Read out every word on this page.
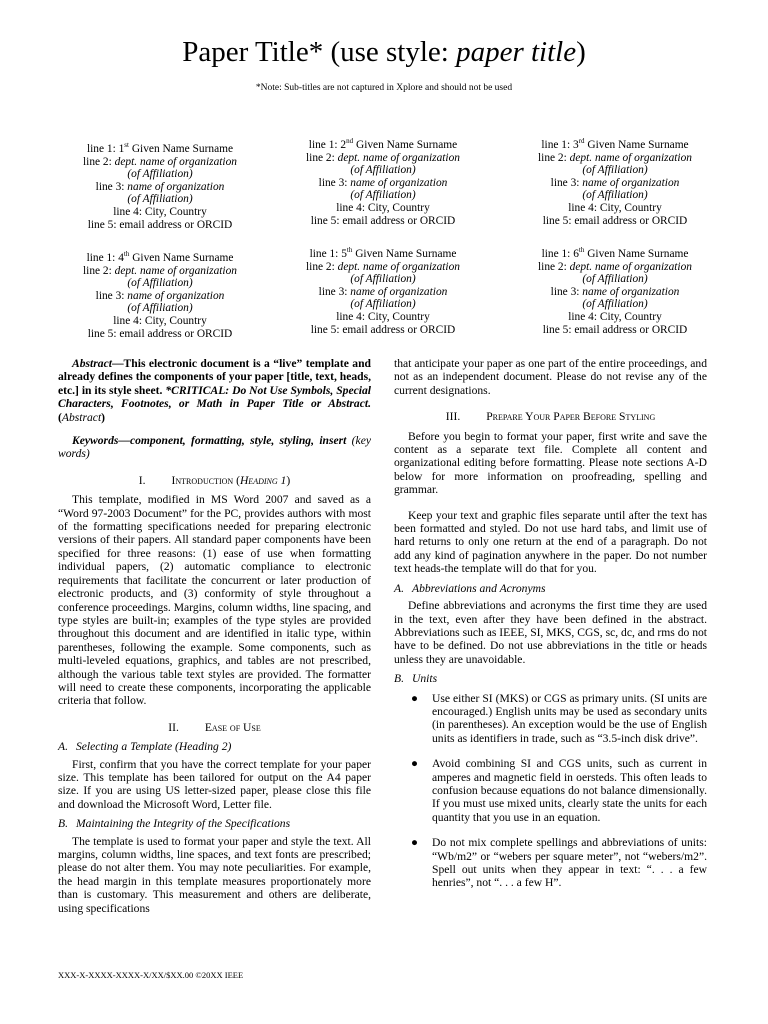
Paper Title* (use style: paper title)
*Note: Sub-titles are not captured in Xplore and should not be used
line 1: 1st Given Name Surname
line 2: dept. name of organization
(of Affiliation)
line 3: name of organization
(of Affiliation)
line 4: City, Country
line 5: email address or ORCID
line 1: 2nd Given Name Surname
line 2: dept. name of organization
(of Affiliation)
line 3: name of organization
(of Affiliation)
line 4: City, Country
line 5: email address or ORCID
line 1: 3rd Given Name Surname
line 2: dept. name of organization
(of Affiliation)
line 3: name of organization
(of Affiliation)
line 4: City, Country
line 5: email address or ORCID
line 1: 4th Given Name Surname
line 2: dept. name of organization
(of Affiliation)
line 3: name of organization
(of Affiliation)
line 4: City, Country
line 5: email address or ORCID
line 1: 5th Given Name Surname
line 2: dept. name of organization
(of Affiliation)
line 3: name of organization
(of Affiliation)
line 4: City, Country
line 5: email address or ORCID
line 1: 6th Given Name Surname
line 2: dept. name of organization
(of Affiliation)
line 3: name of organization
(of Affiliation)
line 4: City, Country
line 5: email address or ORCID

Abstract—This electronic document is a “live” template and already defines the components of your paper [title, text, heads, etc.] in its style sheet. *CRITICAL: Do Not Use Symbols, Special Characters, Footnotes, or Math in Paper Title or Abstract. (Abstract)

Keywords—component, formatting, style, styling, insert (key words)

I. Introduction (Heading 1)

This template, modified in MS Word 2007 and saved as a “Word 97-2003 Document” for the PC, provides authors with most of the formatting specifications needed for preparing electronic versions of their papers. All standard paper components have been specified for three reasons: (1) ease of use when formatting individual papers, (2) automatic compliance to electronic requirements that facilitate the concurrent or later production of electronic products, and (3) conformity of style throughout a conference proceedings. Margins, column widths, line spacing, and type styles are built-in; examples of the type styles are provided throughout this document and are identified in italic type, within parentheses, following the example. Some components, such as multi-leveled equations, graphics, and tables are not prescribed, although the various table text styles are provided. The formatter will need to create these components, incorporating the applicable criteria that follow.

II. Ease of Use
A. Selecting a Template (Heading 2)

First, confirm that you have the correct template for your paper size. This template has been tailored for output on the A4 paper size. If you are using US letter-sized paper, please close this file and download the Microsoft Word, Letter file.

B. Maintaining the Integrity of the Specifications

The template is used to format your paper and style the text. All margins, column widths, line spaces, and text fonts are prescribed; please do not alter them. You may note peculiarities. For example, the head margin in this template measures proportionately more than is customary. This measurement and others are deliberate, using specifications

that anticipate your paper as one part of the entire proceedings, and not as an independent document. Please do not revise any of the current designations.

III. Prepare Your Paper Before Styling

Before you begin to format your paper, first write and save the content as a separate text file. Complete all content and organizational editing before formatting. Please note sections A-D below for more information on proofreading, spelling and grammar.

Keep your text and graphic files separate until after the text has been formatted and styled. Do not use hard tabs, and limit use of hard returns to only one return at the end of a paragraph. Do not add any kind of pagination anywhere in the paper. Do not number text heads-the template will do that for you.

A. Abbreviations and Acronyms

Define abbreviations and acronyms the first time they are used in the text, even after they have been defined in the abstract. Abbreviations such as IEEE, SI, MKS, CGS, sc, dc, and rms do not have to be defined. Do not use abbreviations in the title or heads unless they are unavoidable.

B. Units
● Use either SI (MKS) or CGS as primary units. (SI units are encouraged.) English units may be used as secondary units (in parentheses). An exception would be the use of English units as identifiers in trade, such as “3.5-inch disk drive”.
● Avoid combining SI and CGS units, such as current in amperes and magnetic field in oersteds. This often leads to confusion because equations do not balance dimensionally. If you must use mixed units, clearly state the units for each quantity that you use in an equation.
● Do not mix complete spellings and abbreviations of units: “Wb/m2” or “webers per square meter”, not “webers/m2”. Spell out units when they appear in text: “. . . a few henries”, not “. . . a few H”.
XXX-X-XXXX-XXXX-X/XX/$XX.00 ©20XX IEEE
